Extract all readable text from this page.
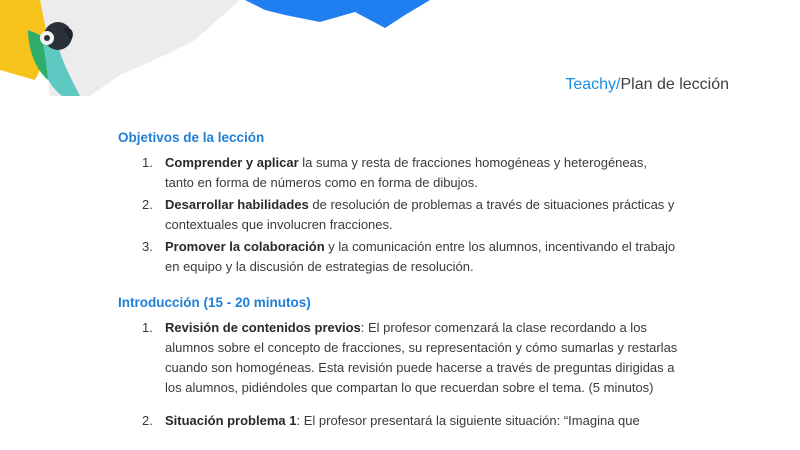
Teachy/Plan de lección
Objetivos de la lección
1. Comprender y aplicar la suma y resta de fracciones homogéneas y heterogéneas, tanto en forma de números como en forma de dibujos.
2. Desarrollar habilidades de resolución de problemas a través de situaciones prácticas y contextuales que involucren fracciones.
3. Promover la colaboración y la comunicación entre los alumnos, incentivando el trabajo en equipo y la discusión de estrategias de resolución.
Introducción (15 - 20 minutos)
1. Revisión de contenidos previos: El profesor comenzará la clase recordando a los alumnos sobre el concepto de fracciones, su representación y cómo sumarlas y restarlas cuando son homogéneas. Esta revisión puede hacerse a través de preguntas dirigidas a los alumnos, pidiéndoles que compartan lo que recuerdan sobre el tema. (5 minutos)
2. Situación problema 1: El profesor presentará la siguiente situación: “Imagina que
